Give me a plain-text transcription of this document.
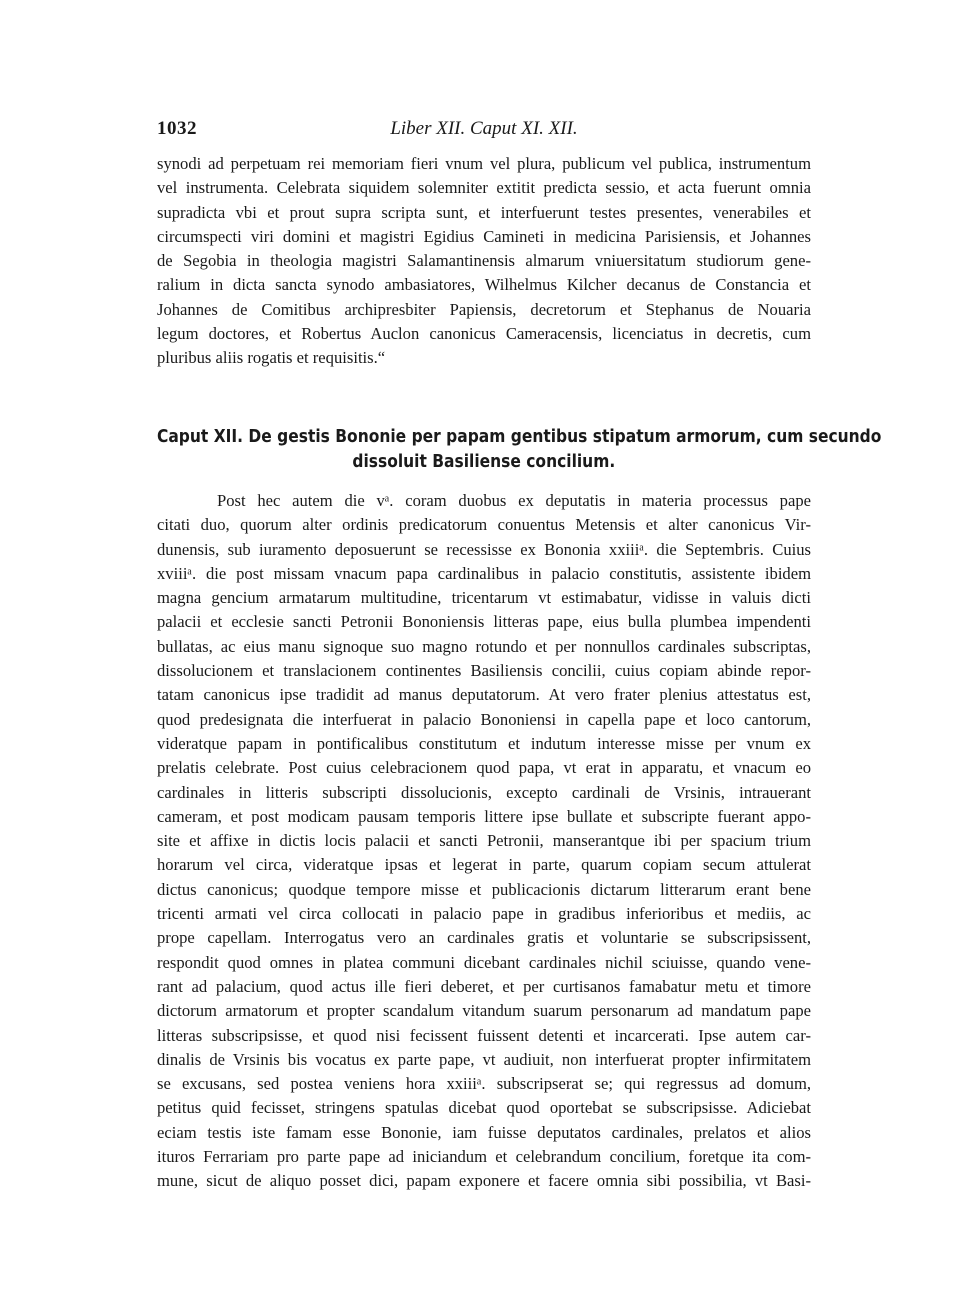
1032	Liber XII. Caput XI. XII.
synodi ad perpetuam rei memoriam fieri vnum vel plura, publicum vel publica, instrumentum
vel instrumenta. Celebrata siquidem solemniter extitit predicta sessio, et acta fuerunt omnia
supradicta vbi et prout supra scripta sunt, et interfuerunt testes presentes, venerabiles et
circumspecti viri domini et magistri Egidius Camineti in medicina Parisiensis, et Johannes
de Segobia in theologia magistri Salamantinensis almarum vniuersitatum studiorum gene-
ralium in dicta sancta synodo ambasiatores, Wilhelmus Kilcher decanus de Constancia et
Johannes de Comitibus archipresbiter Papiensis, decretorum et Stephanus de Nouaria
legum doctores, et Robertus Auclon canonicus Cameracensis, licenciatus in decretis, cum
pluribus aliis rogatis et requisitis.“
Caput XII. De gestis Bononie per papam gentibus stipatum armorum, cum secundo
dissoluit Basiliense concilium.
Post hec autem die vᵃ. coram duobus ex deputatis in materia processus pape
citati duo, quorum alter ordinis predicatorum conuentus Metensis et alter canonicus Vir-
dunensis, sub iuramento deposuerunt se recessisse ex Bononia xxiiiᵃ. die Septembris. Cuius
xviiiᵃ. die post missam vnacum papa cardinalibus in palacio constitutis, assistente ibidem
magna gencium armatarum multitudine, tricentarum vt estimabatur, vidisse in valuis dicti
palacii et ecclesie sancti Petronii Bononiensis litteras pape, eius bulla plumbea impendenti
bullatas, ac eius manu signoque suo magno rotundo et per nonnullos cardinales subscriptas,
dissolucionem et translacionem continentes Basiliensis concilii, cuius copiam abinde repor-
tatam canonicus ipse tradidit ad manus deputatorum. At vero frater plenius attestatus est,
quod predesignata die interfuerat in palacio Bononiensi in capella pape et loco cantorum,
videratque papam in pontificalibus constitutum et indutum interesse misse per vnum ex
prelatis celebrate. Post cuius celebracionem quod papa, vt erat in apparatu, et vnacum eo
cardinales in litteris subscripti dissolucionis, excepto cardinali de Vrsinis, intrauerant
cameram, et post modicam pausam temporis littere ipse bullate et subscripte fuerant appo-
site et affixe in dictis locis palacii et sancti Petronii, manserantque ibi per spacium trium
horarum vel circa, videratque ipsas et legerat in parte, quarum copiam secum attulerat
dictus canonicus; quodque tempore misse et publicacionis dictarum litterarum erant bene
tricenti armati vel circa collocati in palacio pape in gradibus inferioribus et mediis, ac
prope capellam. Interrogatus vero an cardinales gratis et voluntarie se subscripsissent,
respondit quod omnes in platea communi dicebant cardinales nichil sciuisse, quando vene-
rant ad palacium, quod actus ille fieri deberet, et per curtisanos famabatur metu et timore
dictorum armatorum et propter scandalum vitandum suarum personarum ad mandatum pape
litteras subscripsisse, et quod nisi fecissent fuissent detenti et incarcerati. Ipse autem car-
dinalis de Vrsinis bis vocatus ex parte pape, vt audiuit, non interfuerat propter infirmitatem
se excusans, sed postea veniens hora xxiiiᵃ. subscripserat se; qui regressus ad domum,
petitus quid fecisset, stringens spatulas dicebat quod oportebat se subscripsisse. Adiciebat
eciam testis iste famam esse Bononie, iam fuisse deputatos cardinales, prelatos et alios
ituros Ferrariam pro parte pape ad iniciandum et celebrandum concilium, foretque ita com-
mune, sicut de aliquo posset dici, papam exponere et facere omnia sibi possibilia, vt Basi-
